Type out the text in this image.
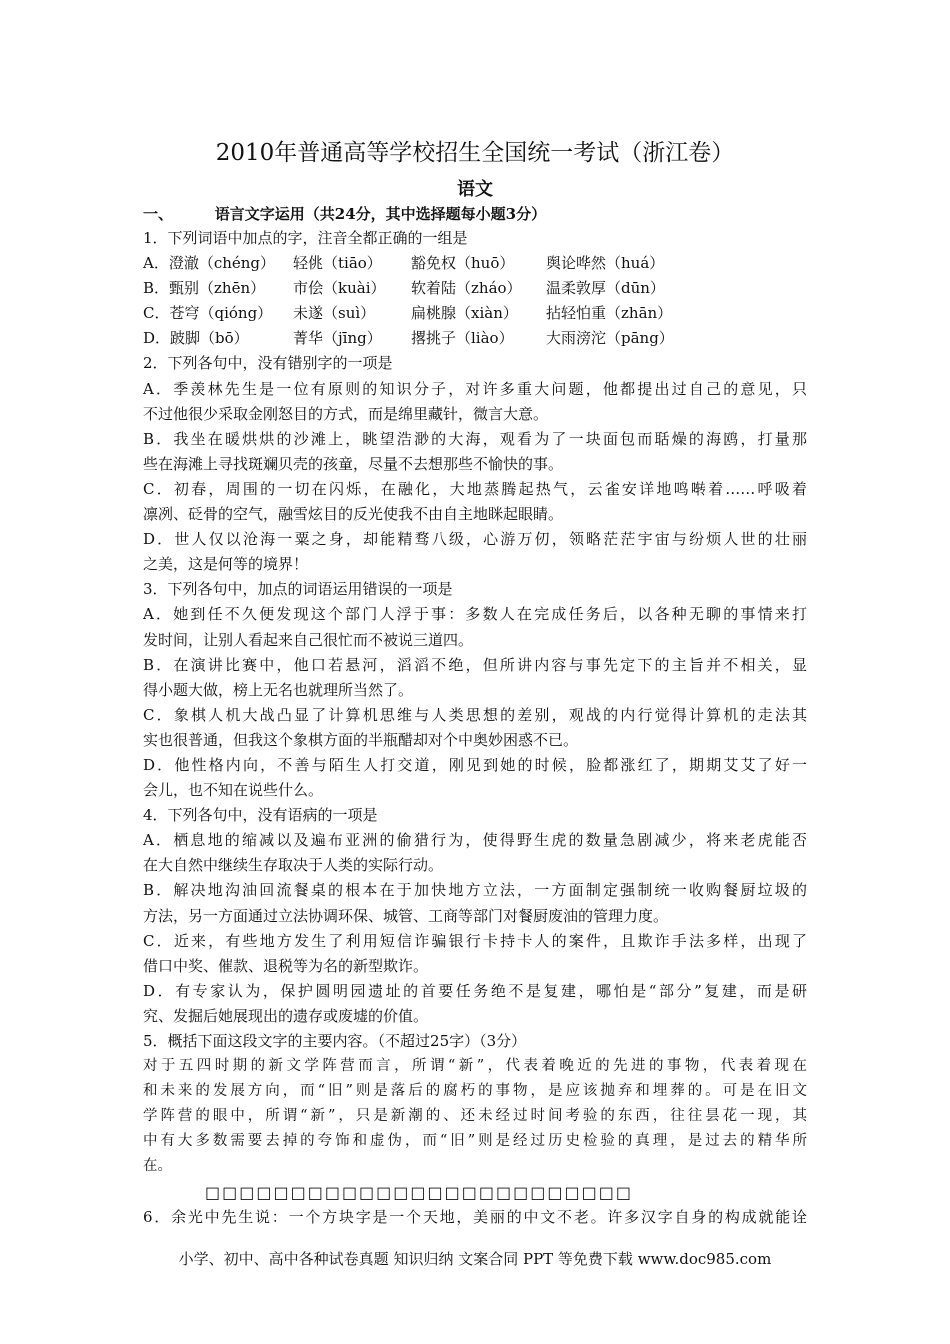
2010年普通高等学校招生全国统一考试（浙江卷）
语文
一、	语言文字运用（共24分，其中选择题每小题3分）
1．下列词语中加点的字，注音全都正确的一组是
A．澄澈（chéng） 轻佻（tiāo） 豁免权（huō） 舆论哗然（huá）
B．甄别（zhēn） 市侩（kuài） 软着陆（zháo） 温柔敦厚（dūn）
C．苍穹（qióng） 未遂（suì） 扁桃腺（xiàn） 拈轻怕重（zhān）
D．跛脚（bō）	菁华（jīng） 撂挑子（liào） 大雨滂沱（pāng）
2．下列各句中，没有错别字的一项是
A．季羡林先生是一位有原则的知识分子，对许多重大问题，他都提出过自己的意见，只
不过他很少采取金刚怒目的方式，而是绵里藏针，微言大意。
B．我坐在暖烘烘的沙滩上，眺望浩渺的大海，观看为了一块面包而聒燥的海鸥，打量那
些在海滩上寻找斑斓贝壳的孩童，尽量不去想那些不愉快的事。
C．初春，周围的一切在闪烁，在融化，大地蒸腾起热气，云雀安详地鸣啭着……呼吸着
凛冽、砭骨的空气，融雪炫目的反光使我不由自主地眯起眼睛。
D．世人仅以沧海一粟之身，却能精骛八级，心游万仞，领略茫茫宇宙与纷烦人世的壮丽
之美，这是何等的境界！
3．下列各句中，加点的词语运用错误的一项是
A．她到任不久便发现这个部门人浮于事：多数人在完成任务后，以各种无聊的事情来打
发时间，让别人看起来自己很忙而不被说三道四。
B．在演讲比赛中，他口若悬河，滔滔不绝，但所讲内容与事先定下的主旨并不相关，显
得小题大做，榜上无名也就理所当然了。
C．象棋人机大战凸显了计算机思维与人类思想的差别，观战的内行觉得计算机的走法其
实也很普通，但我这个象棋方面的半瓶醋却对个中奥妙困惑不已。
D．他性格内向，不善与陌生人打交道，刚见到她的时候，脸都涨红了，期期艾艾了好一
会儿，也不知在说些什么。
4．下列各句中，没有语病的一项是
A．栖息地的缩减以及遍布亚洲的偷猎行为，使得野生虎的数量急剧减少，将来老虎能否
在大自然中继续生存取决于人类的实际行动。
B．解决地沟油回流餐桌的根本在于加快地方立法，一方面制定强制统一收购餐厨垃圾的
方法，另一方面通过立法协调环保、城管、工商等部门对餐厨废油的管理力度。
C．近来，有些地方发生了利用短信诈骗银行卡持卡人的案件，且欺诈手法多样，出现了
借口中奖、催款、退税等为名的新型欺诈。
D．有专家认为，保护圆明园遗址的首要任务绝不是复建，哪怕是“部分”复建，而是研
究、发掘后她展现出的遗存或废墟的价值。
5．概括下面这段文字的主要内容。（不超过25字）（3分）
对于五四时期的新文学阵营而言，所谓“新”，代表着晚近的先进的事物，代表着现在
和未来的发展方向，而“旧”则是落后的腐朽的事物，是应该抛弃和埋葬的。可是在旧文
学阵营的眼中，所谓“新”，只是新潮的、还未经过时间考验的东西，往往昙花一现，其
中有大多数需要去掉的夸饰和虚伪，而“旧”则是经过历史检验的真理，是过去的精华所
在。
□□□□□□□□□□□□□□□□□□□□□□□□□
6．余光中先生说：一个方块字是一个天地，美丽的中文不老。许多汉字自身的构成就能诠
小学、初中、高中各种试卷真题 知识归纳 文案合同 PPT 等免费下载 www.doc985.com
